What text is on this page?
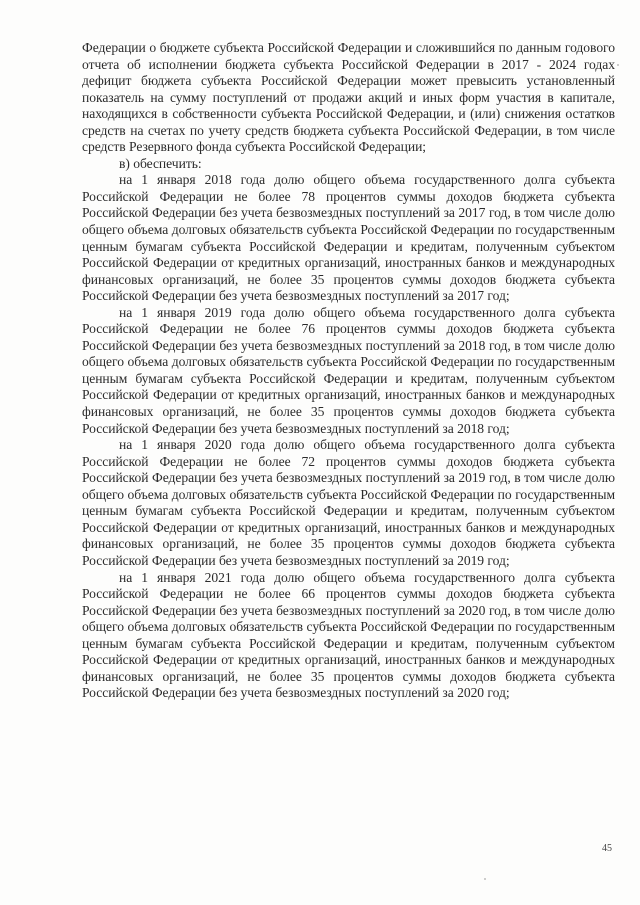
Федерации о бюджете субъекта Российской Федерации и сложившийся по данным годового отчета об исполнении бюджета субъекта Российской Федерации в 2017 - 2024 годах дефицит бюджета субъекта Российской Федерации может превысить установленный показатель на сумму поступлений от продажи акций и иных форм участия в капитале, находящихся в собственности субъекта Российской Федерации, и (или) снижения остатков средств на счетах по учету средств бюджета субъекта Российской Федерации, в том числе средств Резервного фонда субъекта Российской Федерации;

в) обеспечить:

на 1 января 2018 года долю общего объема государственного долга субъекта Российской Федерации не более 78 процентов суммы доходов бюджета субъекта Российской Федерации без учета безвозмездных поступлений за 2017 год, в том числе долю общего объема долговых обязательств субъекта Российской Федерации по государственным ценным бумагам субъекта Российской Федерации и кредитам, полученным субъектом Российской Федерации от кредитных организаций, иностранных банков и международных финансовых организаций, не более 35 процентов суммы доходов бюджета субъекта Российской Федерации без учета безвозмездных поступлений за 2017 год;

на 1 января 2019 года долю общего объема государственного долга субъекта Российской Федерации не более 76 процентов суммы доходов бюджета субъекта Российской Федерации без учета безвозмездных поступлений за 2018 год, в том числе долю общего объема долговых обязательств субъекта Российской Федерации по государственным ценным бумагам субъекта Российской Федерации и кредитам, полученным субъектом Российской Федерации от кредитных организаций, иностранных банков и международных финансовых организаций, не более 35 процентов суммы доходов бюджета субъекта Российской Федерации без учета безвозмездных поступлений за 2018 год;

на 1 января 2020 года долю общего объема государственного долга субъекта Российской Федерации не более 72 процентов суммы доходов бюджета субъекта Российской Федерации без учета безвозмездных поступлений за 2019 год, в том числе долю общего объема долговых обязательств субъекта Российской Федерации по государственным ценным бумагам субъекта Российской Федерации и кредитам, полученным субъектом Российской Федерации от кредитных организаций, иностранных банков и международных финансовых организаций, не более 35 процентов суммы доходов бюджета субъекта Российской Федерации без учета безвозмездных поступлений за 2019 год;

на 1 января 2021 года долю общего объема государственного долга субъекта Российской Федерации не более 66 процентов суммы доходов бюджета субъекта Российской Федерации без учета безвозмездных поступлений за 2020 год, в том числе долю общего объема долговых обязательств субъекта Российской Федерации по государственным ценным бумагам субъекта Российской Федерации и кредитам, полученным субъектом Российской Федерации от кредитных организаций, иностранных банков и международных финансовых организаций, не более 35 процентов суммы доходов бюджета субъекта Российской Федерации без учета безвозмездных поступлений за 2020 год;

45
